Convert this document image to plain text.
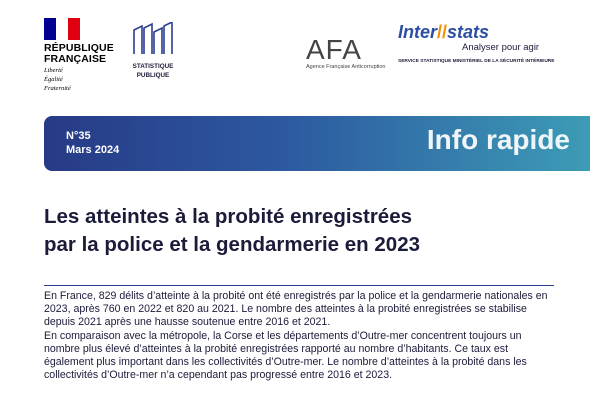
RÉPUBLIQUE
FRANÇAISE
Liberté
Égalité
Fraternité
STATISTIQUE
PUBLIQUE
AFA
Agence Française Anticorruption
Inter//stats
Analyser pour agir
SERVICE STATISTIQUE MINISTÉRIEL DE LA SÉCURITÉ INTÉRIEURE
N°35
Mars 2024	Info rapide
Les atteintes à la probité enregistrées
par la police et la gendarmerie en 2023

En France, 829 délits d’atteinte à la probité ont été enregistrés par la police et la gendarmerie nationales en 2023, après 760 en 2022 et 820 au 2021. Le nombre des atteintes à la probité enregistrées se stabilise depuis 2021 après une hausse soutenue entre 2016 et 2021.

En comparaison avec la métropole, la Corse et les départements d’Outre-mer concentrent toujours un nombre plus élevé d’atteintes à la probité enregistrées rapporté au nombre d’habitants. Ce taux est également plus important dans les collectivités d’Outre-mer. Le nombre d’atteintes à la probité dans les collectivités d’Outre-mer n’a cependant pas progressé entre 2016 et 2023.
